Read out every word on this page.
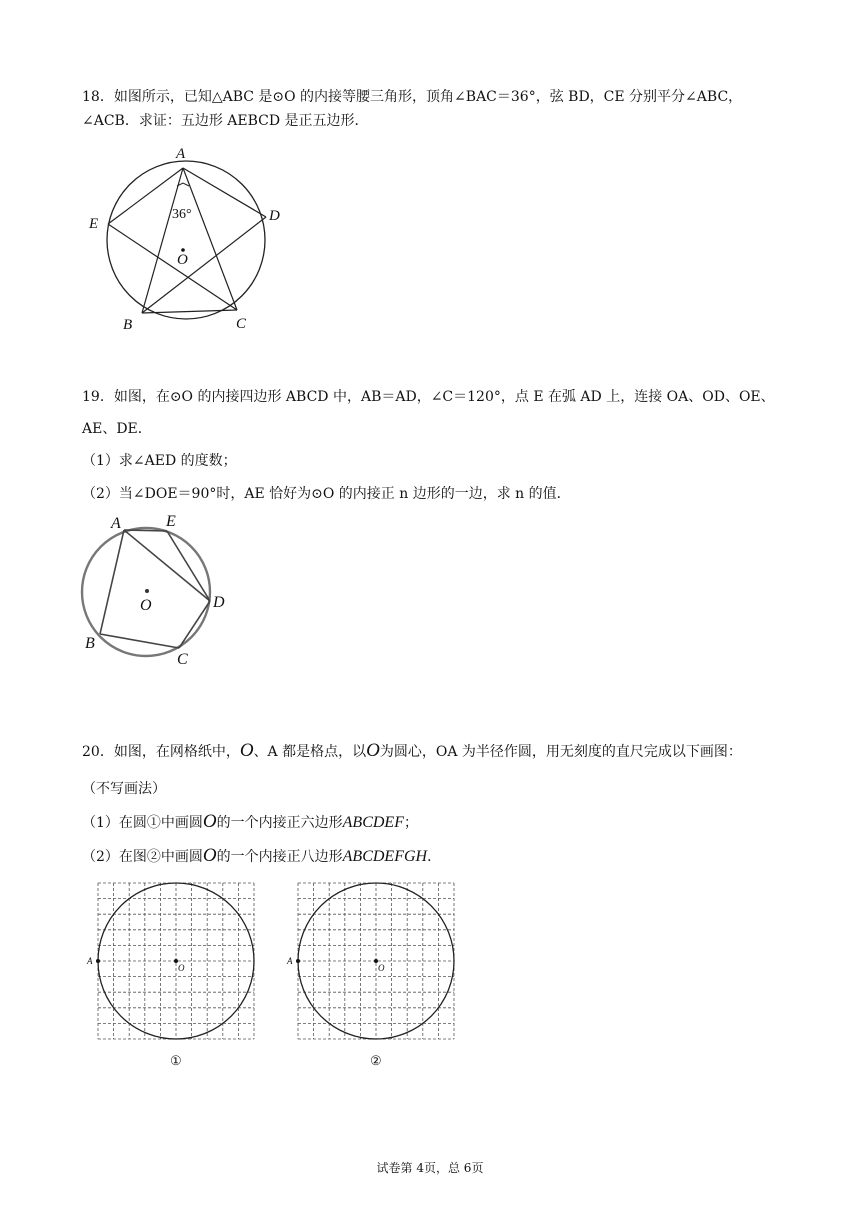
18．如图所示，已知△ABC 是⊙O 的内接等腰三角形，顶角∠BAC＝36°，弦 BD，CE 分别平分∠ABC，
∠ACB．求证：五边形 AEBCD 是正五边形．
A
E	D
B	C
O
36°
19．如图，在⊙O 的内接四边形 ABCD 中，AB＝AD，∠C＝120°，点 E 在弧 AD 上，连接 OA、OD、OE、
AE、DE．
（1）求∠AED 的度数；
（2）当∠DOE＝90°时，AE 恰好为⊙O 的内接正 n 边形的一边，求 n 的值．
A	E
D
B
C
O
20．如图，在网格纸中，O、A 都是格点，以O为圆心，OA 为半径作圆，用无刻度的直尺完成以下画图：
（不写画法）
（1）在圆①中画圆O的一个内接正六边形ABCDEF；
（2）在图②中画圆O的一个内接正八边形ABCDEFGH．
A
O
①
A
O
②
试卷第 4页，总 6页
